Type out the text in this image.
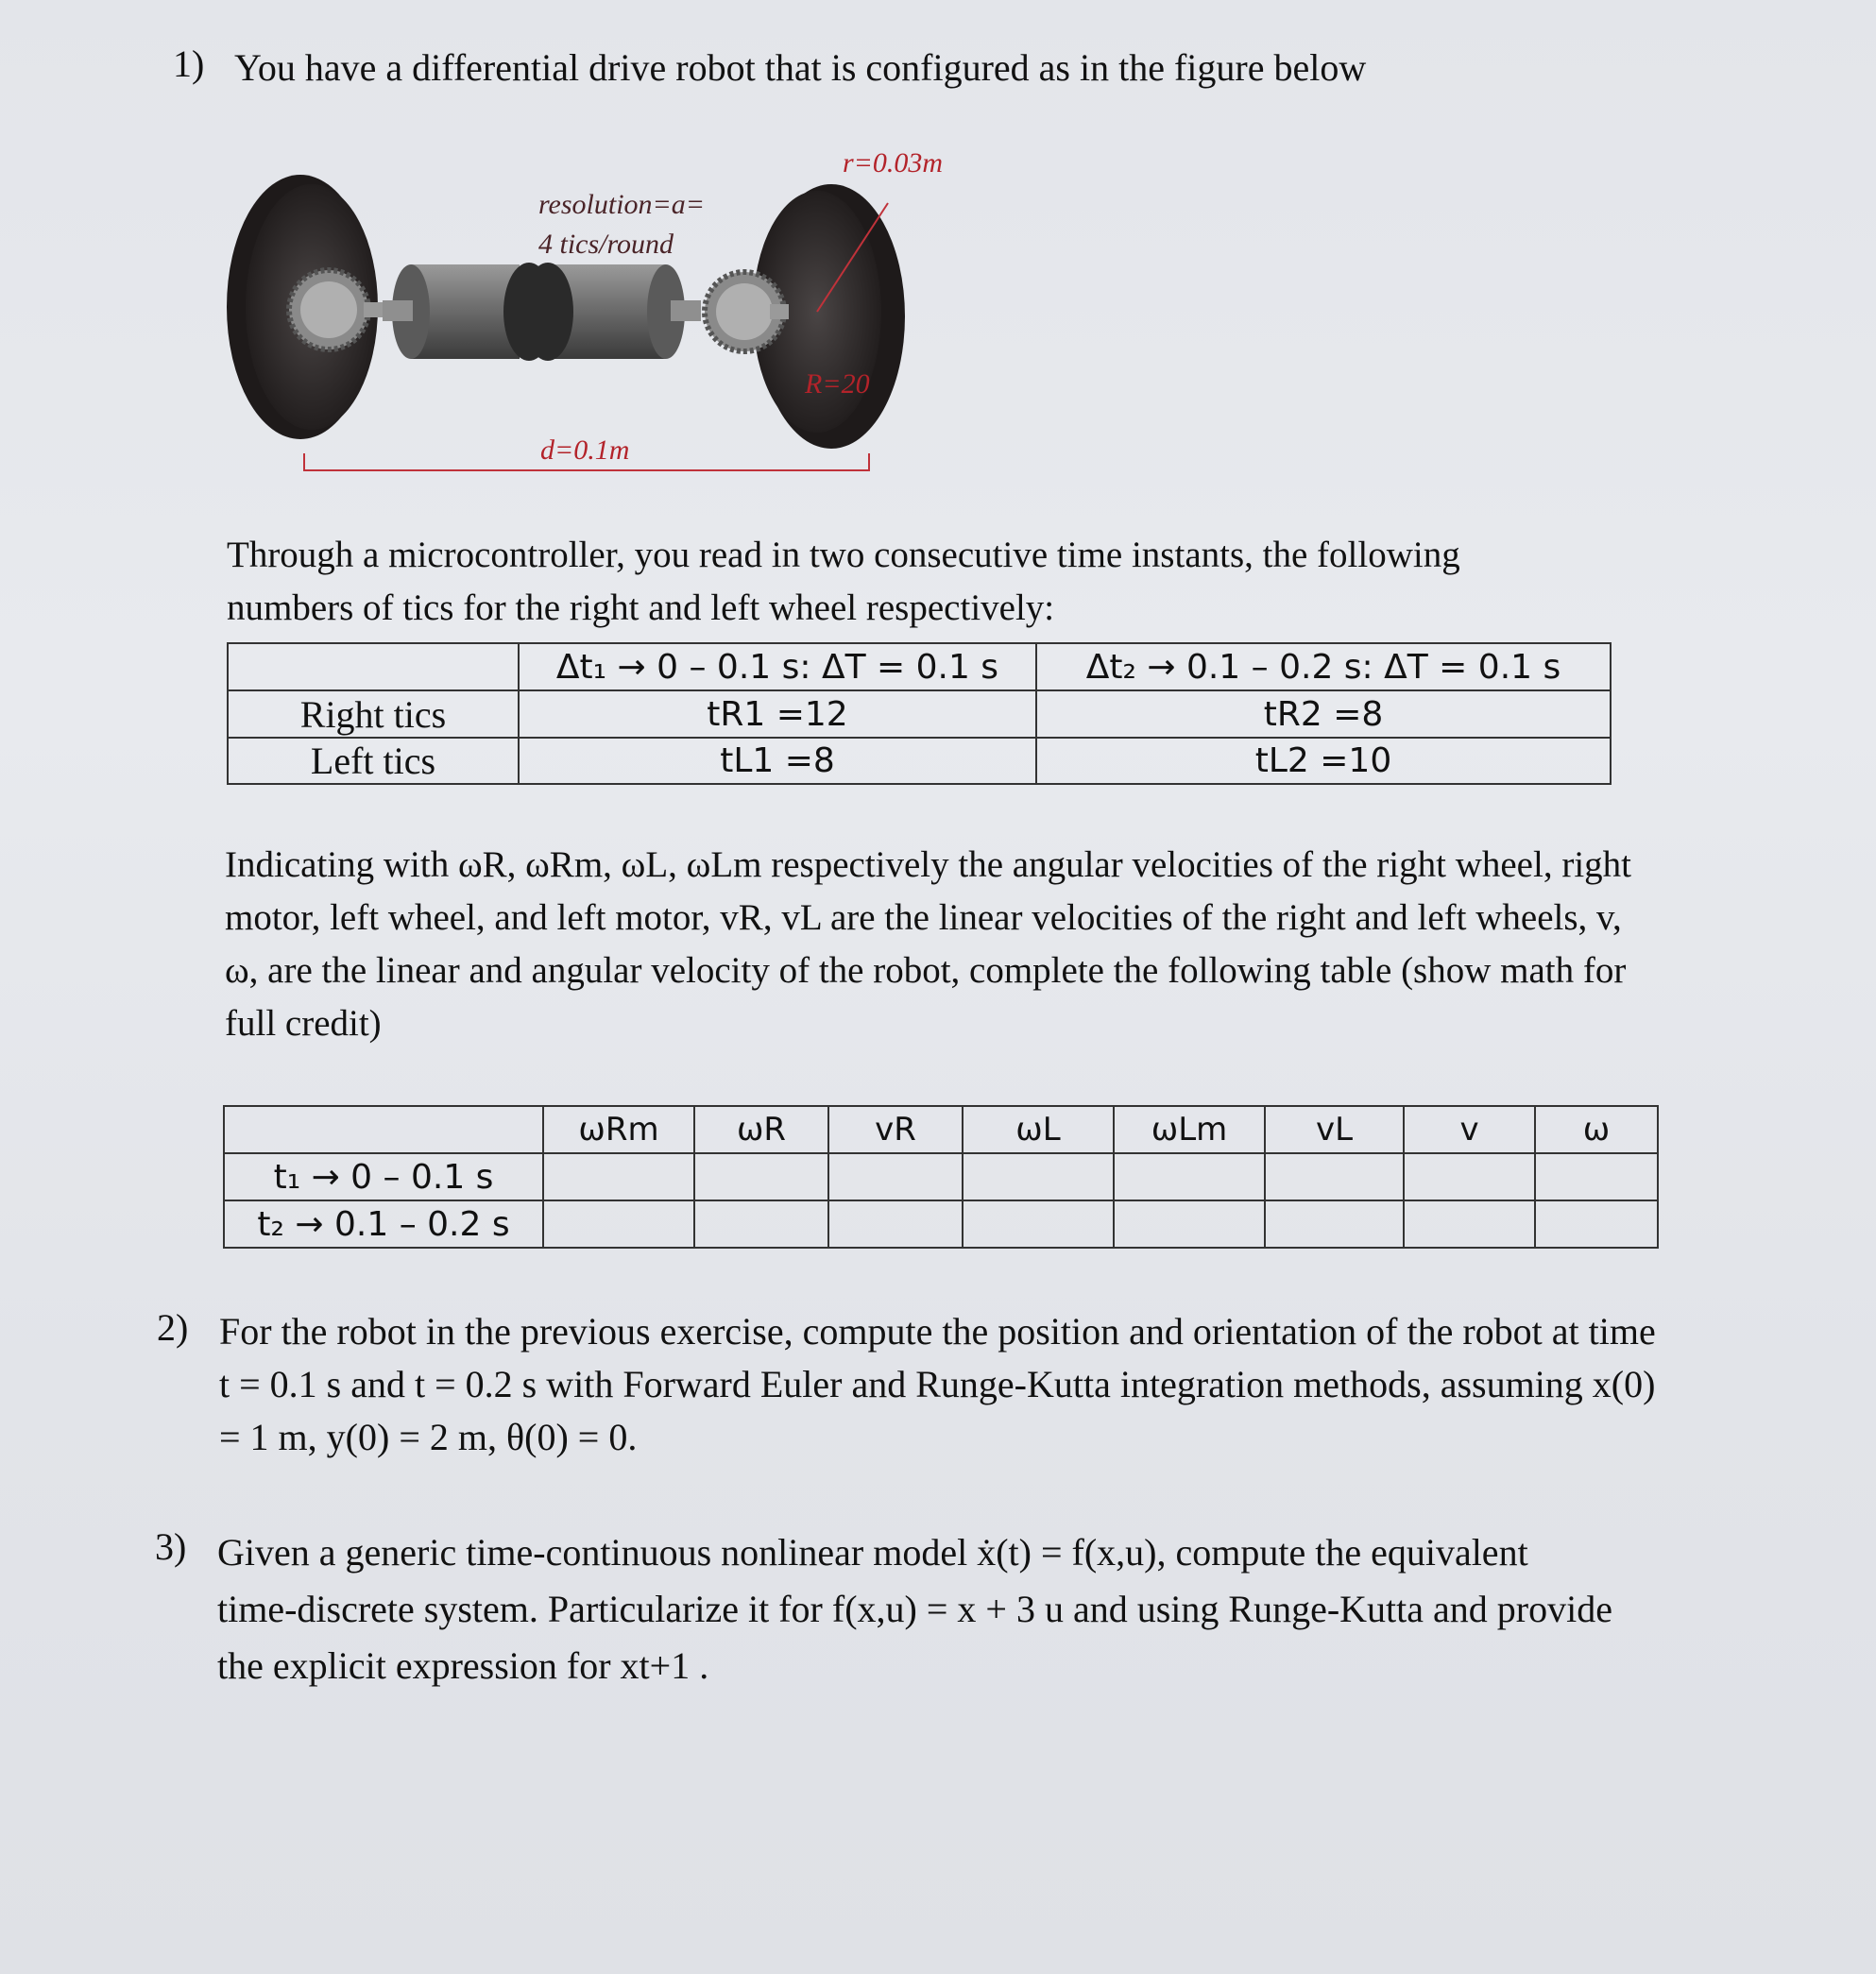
1) You have a differential drive robot that is configured as in the figure below
r=0.03m
resolution=a=
4 tics/round
R=20
d=0.1m
Through a microcontroller, you read in two consecutive time instants, the following numbers of tics for the right and left wheel respectively:
	Δt₁ → 0 – 0.1 s: ΔT = 0.1 s	Δt₂ → 0.1 – 0.2 s: ΔT = 0.1 s
Right tics	tR1 =12	tR2 =8
Left tics	tL1 =8	tL2 =10
Indicating with ωR, ωRm, ωL, ωLm respectively the angular velocities of the right wheel, right motor, left wheel, and left motor, vR, vL are the linear velocities of the right and left wheels, v, ω, are the linear and angular velocity of the robot, complete the following table (show math for full credit)
	ωRm	ωR	vR	ωL	ωLm	vL	v	ω
t₁ → 0 – 0.1 s								
t₂ → 0.1 – 0.2 s								
2) For the robot in the previous exercise, compute the position and orientation of the robot at time t = 0.1 s and t = 0.2 s with Forward Euler and Runge-Kutta integration methods, assuming x(0) = 1 m, y(0) = 2 m, θ(0) = 0.
3) Given a generic time-continuous nonlinear model ẋ(t) = f(x,u), compute the equivalent time-discrete system. Particularize it for f(x,u) = x + 3 u and using Runge-Kutta and provide the explicit expression for xt+1 .
